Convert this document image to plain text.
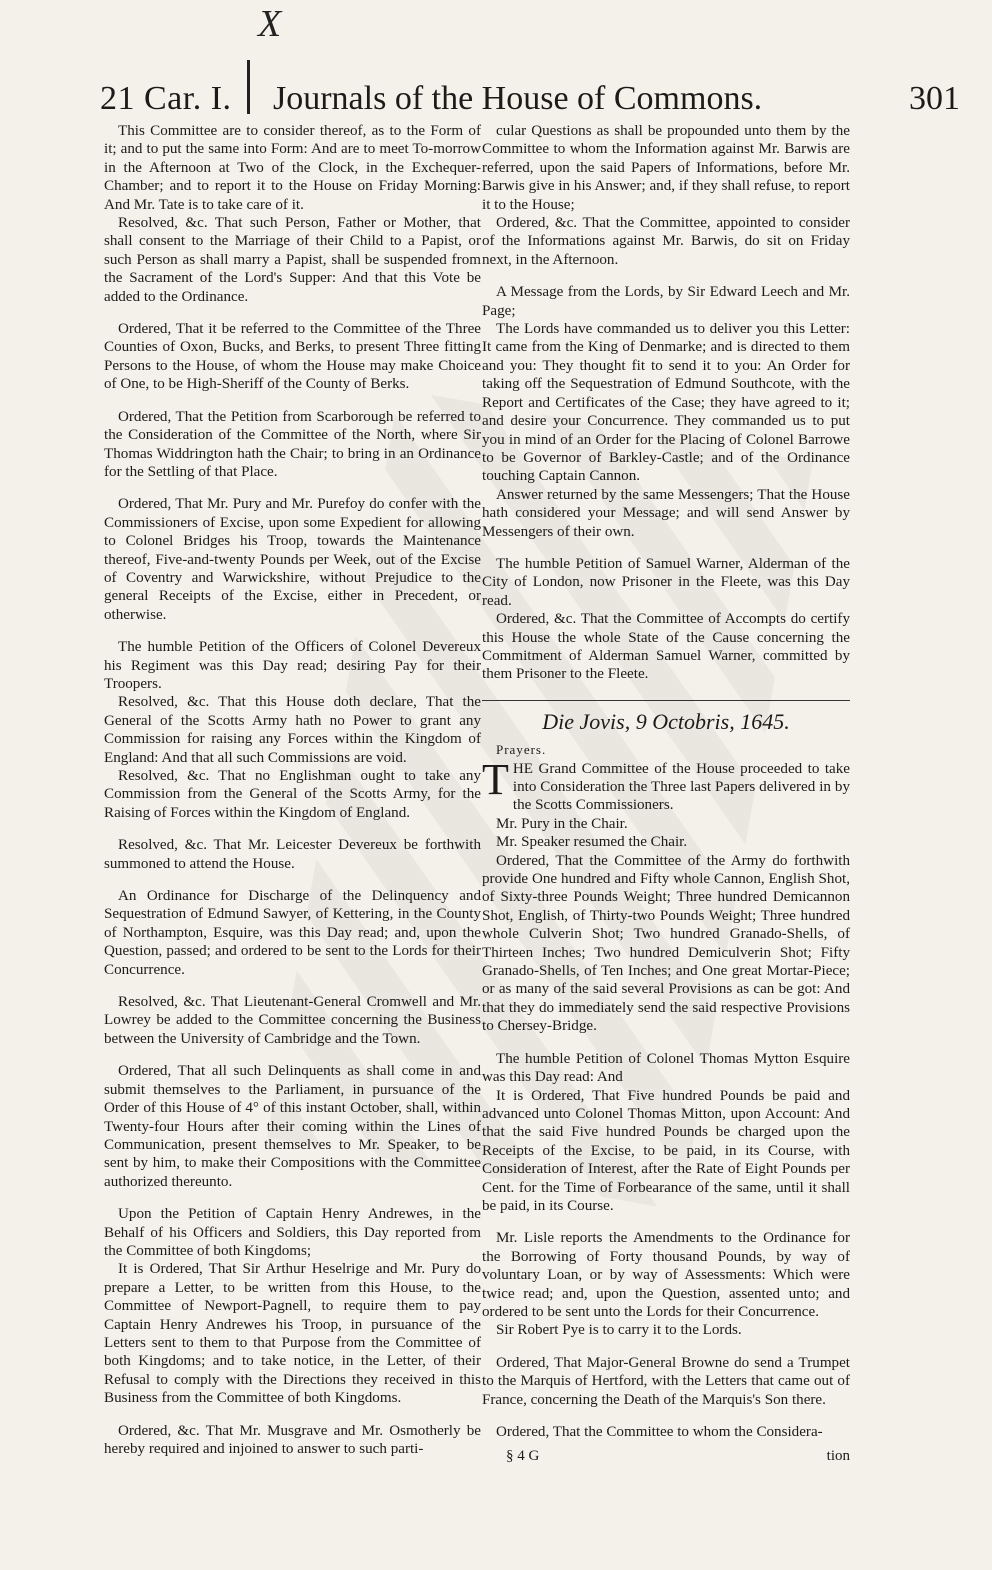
X
21 Car. I. Journals of the House of Commons.	301

This Committee are to consider thereof, as to the Form of it; and to put the same into Form: And are to meet To-morrow in the Afternoon at Two of the Clock, in the Exchequer-Chamber; and to report it to the House on Friday Morning: And Mr. Tate is to take care of it.

Resolved, &c. That such Person, Father or Mother, that shall consent to the Marriage of their Child to a Papist, or such Person as shall marry a Papist, shall be suspended from the Sacrament of the Lord's Supper: And that this Vote be added to the Ordinance.

Ordered, That it be referred to the Committee of the Three Counties of Oxon, Bucks, and Berks, to present Three fitting Persons to the House, of whom the House may make Choice of One, to be High-Sheriff of the County of Berks.

Ordered, That the Petition from Scarborough be referred to the Consideration of the Committee of the North, where Sir Thomas Widdrington hath the Chair; to bring in an Ordinance for the Settling of that Place.

Ordered, That Mr. Pury and Mr. Purefoy do confer with the Commissioners of Excise, upon some Expedient for allowing to Colonel Bridges his Troop, towards the Maintenance thereof, Five-and-twenty Pounds per Week, out of the Excise of Coventry and Warwickshire, without Prejudice to the general Receipts of the Excise, either in Precedent, or otherwise.

The humble Petition of the Officers of Colonel Devereux his Regiment was this Day read; desiring Pay for their Troopers.

Resolved, &c. That this House doth declare, That the General of the Scotts Army hath no Power to grant any Commission for raising any Forces within the Kingdom of England: And that all such Commissions are void.

Resolved, &c. That no Englishman ought to take any Commission from the General of the Scotts Army, for the Raising of Forces within the Kingdom of England.

Resolved, &c. That Mr. Leicester Devereux be forthwith summoned to attend the House.

An Ordinance for Discharge of the Delinquency and Sequestration of Edmund Sawyer, of Kettering, in the County of Northampton, Esquire, was this Day read; and, upon the Question, passed; and ordered to be sent to the Lords for their Concurrence.

Resolved, &c. That Lieutenant-General Cromwell and Mr. Lowrey be added to the Committee concerning the Business between the University of Cambridge and the Town.

Ordered, That all such Delinquents as shall come in and submit themselves to the Parliament, in pursuance of the Order of this House of 4° of this instant October, shall, within Twenty-four Hours after their coming within the Lines of Communication, present themselves to Mr. Speaker, to be sent by him, to make their Compositions with the Committee authorized thereunto.

Upon the Petition of Captain Henry Andrewes, in the Behalf of his Officers and Soldiers, this Day reported from the Committee of both Kingdoms;

It is Ordered, That Sir Arthur Heselrige and Mr. Pury do prepare a Letter, to be written from this House, to the Committee of Newport-Pagnell, to require them to pay Captain Henry Andrewes his Troop, in pursuance of the Letters sent to them to that Purpose from the Committee of both Kingdoms; and to take notice, in the Letter, of their Refusal to comply with the Directions they received in this Business from the Committee of both Kingdoms.

Ordered, &c. That Mr. Musgrave and Mr. Osmotherly be hereby required and injoined to answer to such parti-

cular Questions as shall be propounded unto them by the Committee to whom the Information against Mr. Barwis are referred, upon the said Papers of Informations, before Mr. Barwis give in his Answer; and, if they shall refuse, to report it to the House;

Ordered, &c. That the Committee, appointed to consider of the Informations against Mr. Barwis, do sit on Friday next, in the Afternoon.

A Message from the Lords, by Sir Edward Leech and Mr. Page;

The Lords have commanded us to deliver you this Letter: It came from the King of Denmarke; and is directed to them and you: They thought fit to send it to you: An Order for taking off the Sequestration of Edmund Southcote, with the Report and Certificates of the Case; they have agreed to it; and desire your Concurrence. They commanded us to put you in mind of an Order for the Placing of Colonel Barrowe to be Governor of Barkley-Castle; and of the Ordinance touching Captain Cannon.

Answer returned by the same Messengers; That the House hath considered your Message; and will send Answer by Messengers of their own.

The humble Petition of Samuel Warner, Alderman of the City of London, now Prisoner in the Fleete, was this Day read.

Ordered, &c. That the Committee of Accompts do certify this House the whole State of the Cause concerning the Commitment of Alderman Samuel Warner, committed by them Prisoner to the Fleete.

Die Jovis, 9 Octobris, 1645.

Prayers.

THE Grand Committee of the House proceeded to take into Consideration the Three last Papers delivered in by the Scotts Commissioners.

Mr. Pury in the Chair.

Mr. Speaker resumed the Chair.

Ordered, That the Committee of the Army do forthwith provide One hundred and Fifty whole Cannon, English Shot, of Sixty-three Pounds Weight; Three hundred Demicannon Shot, English, of Thirty-two Pounds Weight; Three hundred whole Culverin Shot; Two hundred Granado-Shells, of Thirteen Inches; Two hundred Demiculverin Shot; Fifty Granado-Shells, of Ten Inches; and One great Mortar-Piece; or as many of the said several Provisions as can be got: And that they do immediately send the said respective Provisions to Chersey-Bridge.

The humble Petition of Colonel Thomas Mytton Esquire was this Day read: And

It is Ordered, That Five hundred Pounds be paid and advanced unto Colonel Thomas Mitton, upon Account: And that the said Five hundred Pounds be charged upon the Receipts of the Excise, to be paid, in its Course, with Consideration of Interest, after the Rate of Eight Pounds per Cent. for the Time of Forbearance of the same, until it shall be paid, in its Course.

Mr. Lisle reports the Amendments to the Ordinance for the Borrowing of Forty thousand Pounds, by way of voluntary Loan, or by way of Assessments: Which were twice read; and, upon the Question, assented unto; and ordered to be sent unto the Lords for their Concurrence.

Sir Robert Pye is to carry it to the Lords.

Ordered, That Major-General Browne do send a Trumpet to the Marquis of Hertford, with the Letters that came out of France, concerning the Death of the Marquis's Son there.

Ordered, That the Committee to whom the Considera-

§ 4 G	tion
